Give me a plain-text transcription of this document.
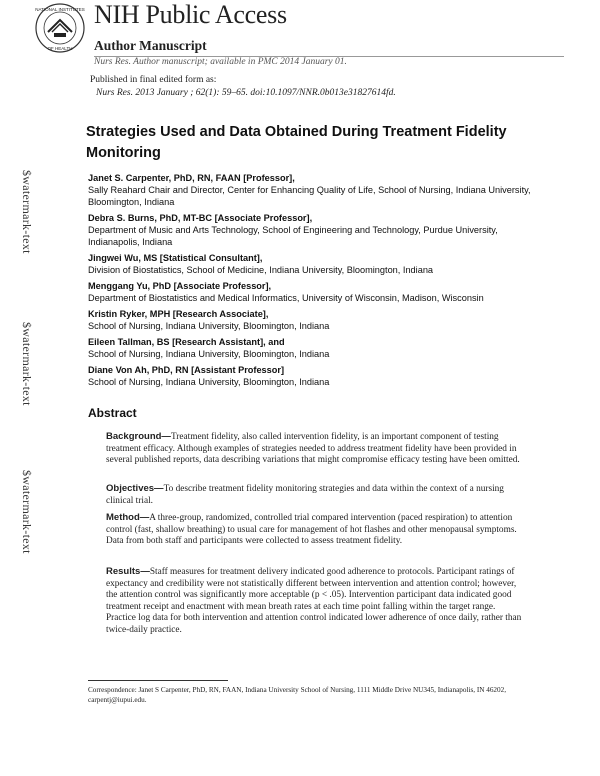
NATIONAL INSTITUTES
OF HEALTH
NIH Public Access
Author Manuscript
Nurs Res. Author manuscript; available in PMC 2014 January 01.
Published in final edited form as:
Nurs Res. 2013 January ; 62(1): 59–65. doi:10.1097/NNR.0b013e31827614fd.
$watermark-text
$watermark-text
$watermark-text
Strategies Used and Data Obtained During Treatment Fidelity Monitoring
Janet S. Carpenter, PhD, RN, FAAN [Professor],
Sally Reahard Chair and Director, Center for Enhancing Quality of Life, School of Nursing, Indiana University, Bloomington, Indiana
Debra S. Burns, PhD, MT-BC [Associate Professor],
Department of Music and Arts Technology, School of Engineering and Technology, Purdue University, Indianapolis, Indiana
Jingwei Wu, MS [Statistical Consultant],
Division of Biostatistics, School of Medicine, Indiana University, Bloomington, Indiana
Menggang Yu, PhD [Associate Professor],
Department of Biostatistics and Medical Informatics, University of Wisconsin, Madison, Wisconsin
Kristin Ryker, MPH [Research Associate],
School of Nursing, Indiana University, Bloomington, Indiana
Eileen Tallman, BS [Research Assistant], and
School of Nursing, Indiana University, Bloomington, Indiana
Diane Von Ah, PhD, RN [Assistant Professor]
School of Nursing, Indiana University, Bloomington, Indiana
Abstract
Background—Treatment fidelity, also called intervention fidelity, is an important component of testing treatment efficacy. Although examples of strategies needed to address treatment fidelity have been provided in several published reports, data describing variations that might compromise efficacy testing have been omitted.
Objectives—To describe treatment fidelity monitoring strategies and data within the context of a nursing clinical trial.
Method—A three-group, randomized, controlled trial compared intervention (paced respiration) to attention control (fast, shallow breathing) to usual care for management of hot flashes and other menopausal symptoms. Data from both staff and participants were collected to assess treatment fidelity.
Results—Staff measures for treatment delivery indicated good adherence to protocols. Participant ratings of expectancy and credibility were not statistically different between intervention and attention control; however, the attention control was significantly more acceptable (p < .05). Intervention participant data indicated good treatment receipt and enactment with mean breath rates at each time point falling within the target range. Practice log data for both intervention and attention control indicated lower adherence of once daily, rather than twice-daily practice.
Correspondence: Janet S Carpenter, PhD, RN, FAAN, Indiana University School of Nursing, 1111 Middle Drive NU345, Indianapolis, IN 46202, carpentj@iupui.edu.
